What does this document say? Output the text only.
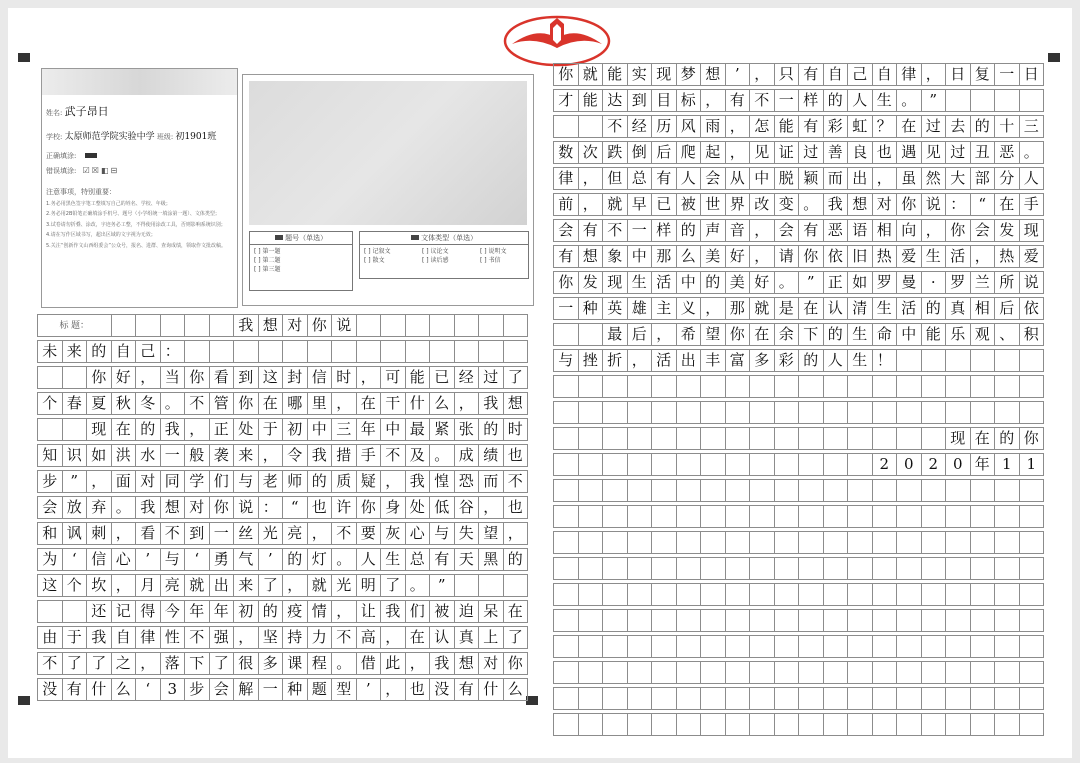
姓名: 武子昂日
学校: 太原师范学院实验中学 班级: 初1901班
正确填涂:
错误填涂: ☑☒◧⊟
注意事项，特别重要：
1.务必用黑色签字笔工整填写自己的姓名、学校、年级；
2.务必用2B铅笔正确填涂手机号、题号（小学组统一填涂第一题）、文体类型；
3.试卷请勿折叠、涂改，字迹务必工整，不得使用涂改工具，否则影响系统识别；
4.请在写作区域书写，超出区域的文字视为无效；
5.关注“创新作文山西组委会”公众号，报名、进群、查询成绩，领取作文批改稿。
题号（单选）
[ ] 第一题
[ ] 第二题
[ ] 第三题
文体类型（单选）
[ ] 记叙文	[ ] 议论文	[ ] 说明文
[ ] 散文	[ ] 读后感	[ ] 书信
标 题：	我 想 对 你 说
未 来 的 自 己 ：
你 好 ， 当 你 看 到 这 封 信 时 ， 可 能 已 经 过 了
个 春 夏 秋 冬 。 不 管 你 在 哪 里 ， 在 干 什 么 ， 我 想
现 在 的 我 ， 正 处 于 初 中 三 年 中 最 紧 张 的 时
知 识 如 洪 水 一 般 袭 来 ， 令 我 措 手 不 及 。 成 绩 也
步 ” ， 面 对 同 学 们 与 老 师 的 质 疑 ， 我 惶 恐 而 不
会 放 弃 。 我 想 对 你 说 ： “ 也 许 你 身 处 低 谷 ， 也
和 讽 刺 ， 看 不 到 一 丝 光 亮 ， 不 要 灰 心 与 失 望 ，
为 ‘ 信 心 ’ 与 ‘ 勇 气 ’ 的 灯 。 人 生 总 有 天 黑 的
这 个 坎 ， 月 亮 就 出 来 了 ， 就 光 明 了 。 ”
还 记 得 今 年 年 初 的 疫 情 ， 让 我 们 被 迫 呆 在
由 于 我 自 律 性 不 强 ， 坚 持 力 不 高 ， 在 认 真 上 了
不 了 了 之 ， 落 下 了 很 多 课 程 。 借 此 ， 我 想 对 你
没 有 什 么 ‘	3 步 会 解 一 种 题 型 ’ ， 也 没 有 什 么
你 就 能 实 现 梦 想 ’ ， 只 有 自 己 自 律 ， 日 复 一 日
才 能 达 到 目 标 ， 有 不 一 样 的 人 生 。 ”
不 经 历 风 雨 ， 怎 能 有 彩 虹 ？ 在 过 去 的 十 三
数 次 跌 倒 后 爬 起 ， 见 证 过 善 良 也 遇 见 过 丑 恶 。
律 ， 但 总 有 人 会 从 中 脱 颖 而 出 ， 虽 然 大 部 分 人
前 ， 就 早 已 被 世 界 改 变 。 我 想 对 你 说 ： “ 在 手
会 有 不 一 样 的 声 音 ， 会 有 恶 语 相 向 ， 你 会 发 现
有 想 象 中 那 么 美 好 ， 请 你 依 旧 热 爱 生 活 ， 热 爱
你 发 现 生 活 中 的 美 好 。 ” 正 如 罗 曼 · 罗 兰 所 说
一 种 英 雄 主 义 ， 那 就 是 在 认 清 生 活 的 真 相 后 依
最 后 ， 希 望 你 在 余 下 的 生 命 中 能 乐 观 、 积
与 挫 折 ， 活 出 丰 富 多 彩 的 人 生 ！
现 在 的 你
2 0 2 0 年 1 1
